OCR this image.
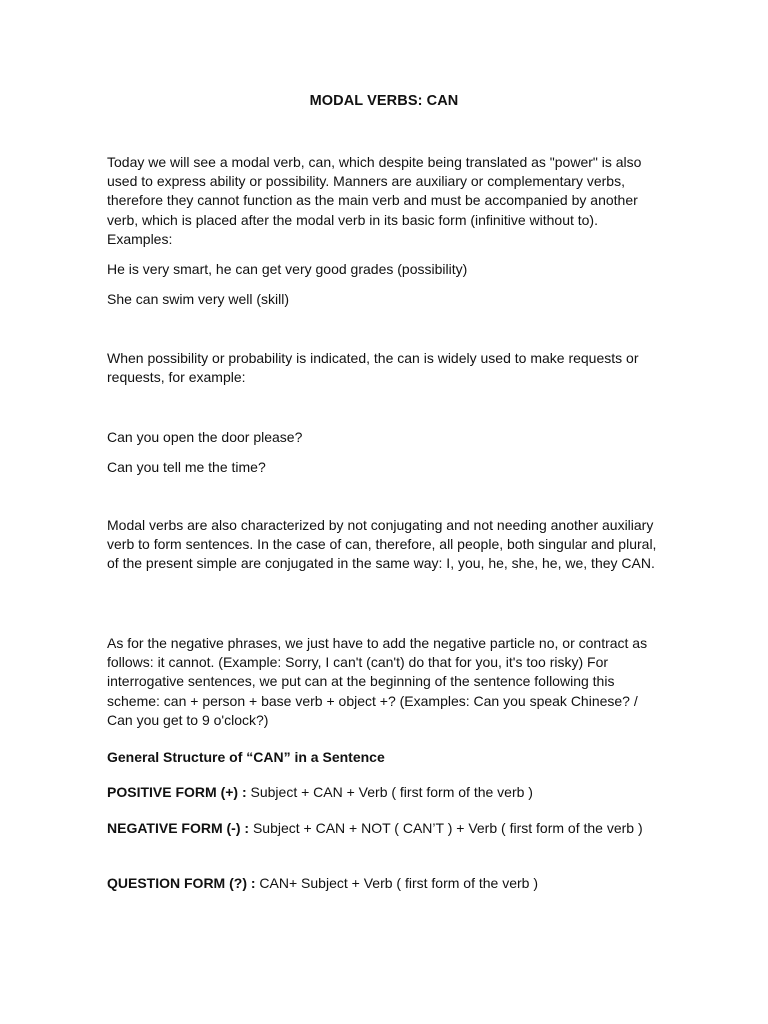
MODAL VERBS: CAN

Today we will see a modal verb, can, which despite being translated as "power" is also used to express ability or possibility. Manners are auxiliary or complementary verbs, therefore they cannot function as the main verb and must be accompanied by another verb, which is placed after the modal verb in its basic form (infinitive without to). Examples:

He is very smart, he can get very good grades (possibility)

She can swim very well (skill)

When possibility or probability is indicated, the can is widely used to make requests or requests, for example:

Can you open the door please?

Can you tell me the time?

Modal verbs are also characterized by not conjugating and not needing another auxiliary verb to form sentences. In the case of can, therefore, all people, both singular and plural, of the present simple are conjugated in the same way: I, you, he, she, he, we, they CAN.

As for the negative phrases, we just have to add the negative particle no, or contract as follows: it cannot. (Example: Sorry, I can't (can't) do that for you, it's too risky) For interrogative sentences, we put can at the beginning of the sentence following this scheme: can + person + base verb + object +? (Examples: Can you speak Chinese? / Can you get to 9 o'clock?)

General Structure of “CAN” in a Sentence

POSITIVE FORM (+) : Subject + CAN + Verb ( first form of the verb )

NEGATIVE FORM (-) : Subject + CAN + NOT ( CAN’T ) + Verb ( first form of the verb )

QUESTION FORM (?) : CAN+ Subject + Verb ( first form of the verb )
